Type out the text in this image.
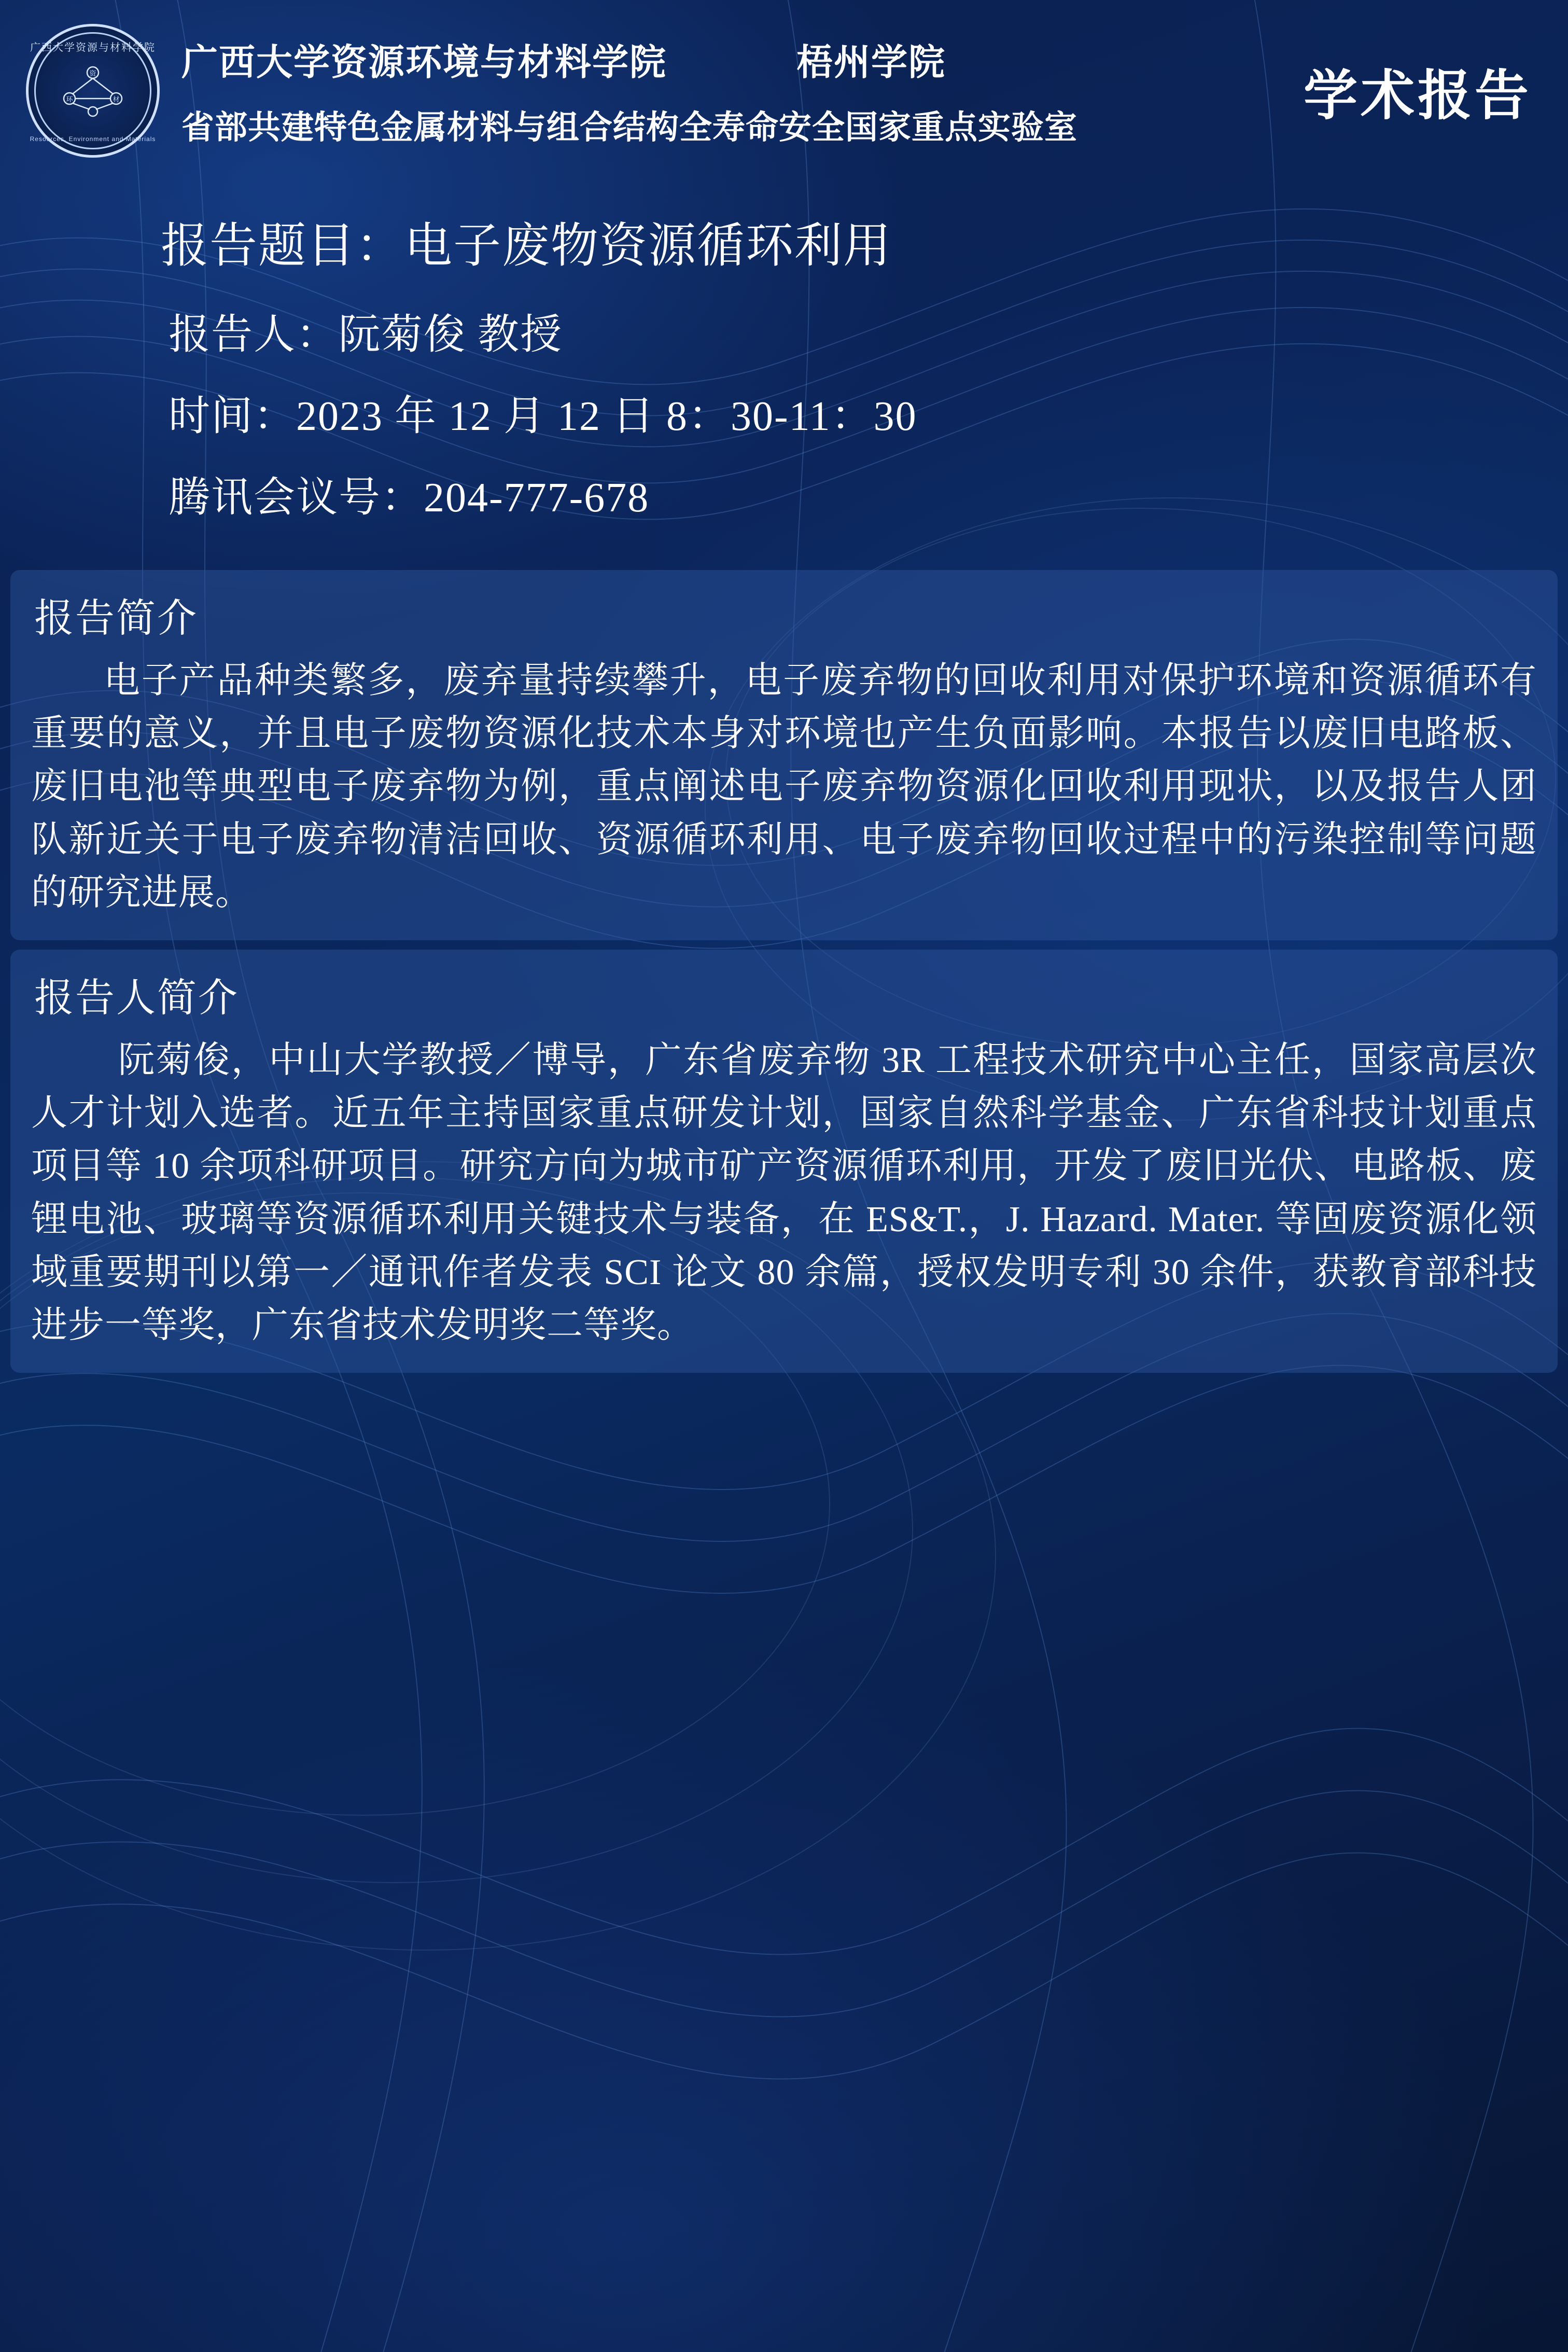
广西大学资源与材料学院
资
环	材
Resources, Environment and Materials
广西大学资源环境与材料学院	梧州学院
省部共建特色金属材料与组合结构全寿命安全国家重点实验室
学术报告
报告题目：电子废物资源循环利用
报告人：阮菊俊 教授
时间：2023 年 12 月 12 日 8：30-11：30
腾讯会议号：204-777-678
报告简介
电子产品种类繁多，废弃量持续攀升，电子废弃物的回收利用对保护环境和资源循环有重要的意义，并且电子废物资源化技术本身对环境也产生负面影响。本报告以废旧电路板、废旧电池等典型电子废弃物为例，重点阐述电子废弃物资源化回收利用现状，以及报告人团队新近关于电子废弃物清洁回收、资源循环利用、电子废弃物回收过程中的污染控制等问题的研究进展。
报告人简介
阮菊俊，中山大学教授／博导，广东省废弃物 3R 工程技术研究中心主任，国家高层次人才计划入选者。近五年主持国家重点研发计划，国家自然科学基金、广东省科技计划重点项目等 10 余项科研项目。研究方向为城市矿产资源循环利用，开发了废旧光伏、电路板、废锂电池、玻璃等资源循环利用关键技术与装备，在 ES&T.，J. Hazard. Mater. 等固废资源化领域重要期刊以第一／通讯作者发表 SCI 论文 80 余篇，授权发明专利 30 余件，获教育部科技进步一等奖，广东省技术发明奖二等奖。
